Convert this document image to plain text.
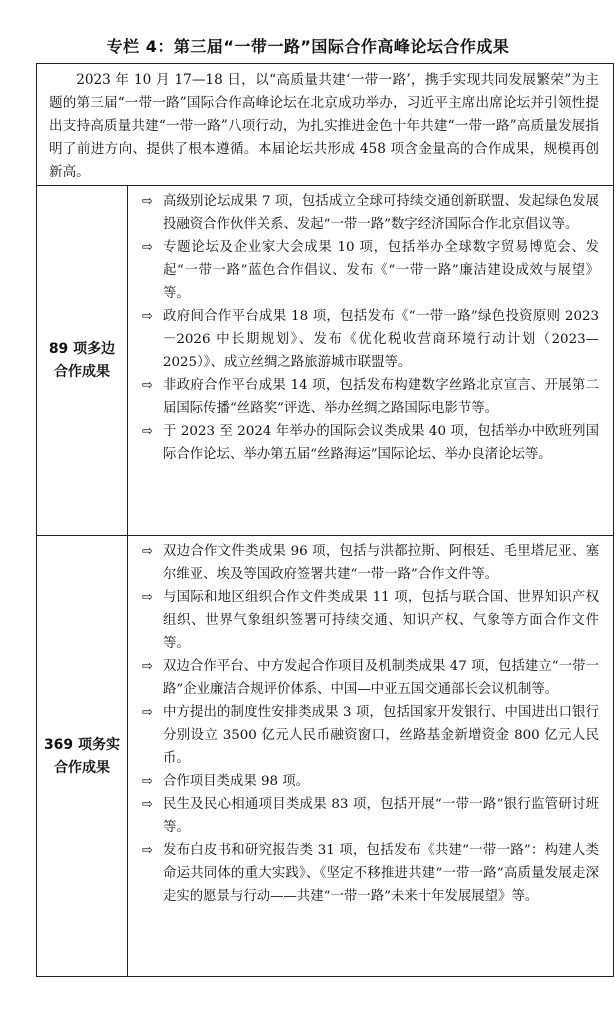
专栏 4：第三届“一带一路”国际合作高峰论坛合作成果
2023 年 10 月 17—18 日，以“高质量共建‘一带一路’，携手实现共同发展繁荣”为主题的第三届“一带一路”国际合作高峰论坛在北京成功举办，习近平主席出席论坛并引领性提出支持高质量共建“一带一路”八项行动，为扎实推进金色十年共建“一带一路”高质量发展指明了前进方向、提供了根本遵循。本届论坛共形成 458 项含金量高的合作成果，规模再创新高。
89 项多边
合作成果
⇨ 高级别论坛成果 7 项，包括成立全球可持续交通创新联盟、发起绿色发展投融资合作伙伴关系、发起“一带一路”数字经济国际合作北京倡议等。
⇨ 专题论坛及企业家大会成果 10 项，包括举办全球数字贸易博览会、发起“一带一路”蓝色合作倡议、发布《“一带一路”廉洁建设成效与展望》等。
⇨ 政府间合作平台成果 18 项，包括发布《“一带一路”绿色投资原则 2023－2026 中长期规划》、发布《优化税收营商环境行动计划（2023—2025）》、成立丝绸之路旅游城市联盟等。
⇨ 非政府合作平台成果 14 项，包括发布构建数字丝路北京宣言、开展第二届国际传播“丝路奖”评选、举办丝绸之路国际电影节等。
⇨ 于 2023 至 2024 年举办的国际会议类成果 40 项，包括举办中欧班列国际合作论坛、举办第五届“丝路海运”国际论坛、举办良渚论坛等。
369 项务实
合作成果
⇨ 双边合作文件类成果 96 项，包括与洪都拉斯、阿根廷、毛里塔尼亚、塞尔维亚、埃及等国政府签署共建“一带一路”合作文件等。
⇨ 与国际和地区组织合作文件类成果 11 项，包括与联合国、世界知识产权组织、世界气象组织签署可持续交通、知识产权、气象等方面合作文件等。
⇨ 双边合作平台、中方发起合作项目及机制类成果 47 项，包括建立“一带一路”企业廉洁合规评价体系、中国—中亚五国交通部长会议机制等。
⇨ 中方提出的制度性安排类成果 3 项，包括国家开发银行、中国进出口银行分别设立 3500 亿元人民币融资窗口，丝路基金新增资金 800 亿元人民币。
⇨ 合作项目类成果 98 项。
⇨ 民生及民心相通项目类成果 83 项，包括开展“一带一路”银行监管研讨班等。
⇨ 发布白皮书和研究报告类 31 项，包括发布《共建“一带一路”：构建人类命运共同体的重大实践》、《坚定不移推进共建“一带一路”高质量发展走深走实的愿景与行动——共建“一带一路”未来十年发展展望》等。
